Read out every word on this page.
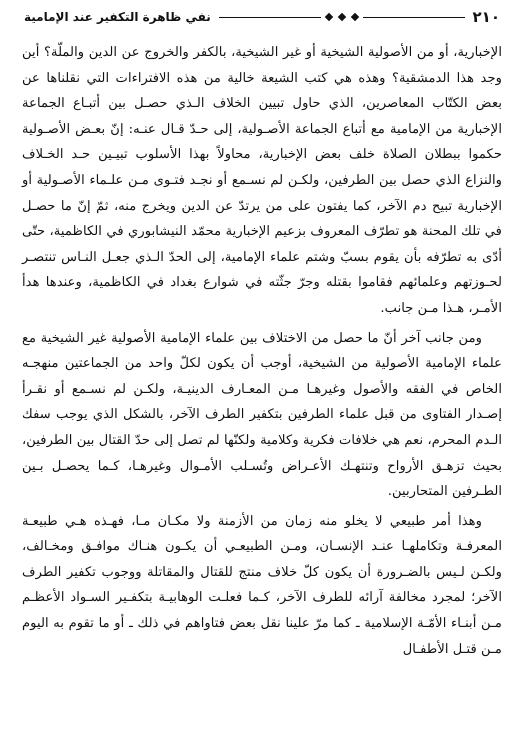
٢١٠
نفي ظاهرة التكفير عند الإمامية

الإخبارية، أو من الأصولية الشيخية أو غير الشيخية، بالكفر والخروج عن الدين والملّة؟ أين وجد هذا الدمشقية؟ وهذه هي كتب الشيعة خالية من هذه الافتراءات التي نقلناها عن بعض الكتّاب المعاصرين، الذي حاول تبيين الخلاف الـذي حصـل بين أتبـاع الجماعة الإخبارية من الإمامية مع أتباع الجماعة الأصـولية، إلى حـدّ قـال عنـه: إنّ بعـض الأصـولية حكموا ببطلان الصلاة خلف بعض الإخبارية، محاولاً بهذا الأسلوب تبيـين حـد الخـلاف والنزاع الذي حصل بين الطرفين، ولكـن لم نسـمع أو نجـد فتـوى مـن علـماء الأصـولية أو الإخبارية تبيح دم الآخر، كما يفتون على من يرتدّ عن الدين ويخرج منه، ثمّ إنّ ما حصـل في تلك المحنة هو تطرّف المعروف بزعيم الإخبارية محمّد النيشابوري في الكاظمية، حتّى أدّى به تطرّفه بأن يقوم بسبّ وشتم علماء الإمامية، إلى الحدّ الـذي جعـل النـاس تنتصـر لحـوزتهم وعلمائهم فقاموا بقتله وجرّ جثّته في شوارع بغداد في الكاظمية، وعندها هدأ الأمـر، هـذا مـن جانب.

ومن جانب آخر أنّ ما حصل من الاختلاف بين علماء الإمامية الأصولية غير الشيخية مع علماء الإمامية الأصولية من الشيخية، أوجب أن يكون لكلّ واحد من الجماعتين منهجـه الخاص في الفقه والأصول وغيرهـا مـن المعـارف الدينيـة، ولكـن لم نسـمع أو نقـرأ إصـدار الفتاوى من قبل علماء الطرفين بتكفير الطرف الآخر، بالشكل الذي يوجب سفك الـدم المحرم، نعم هي خلافات فكرية وكلامية ولكنّها لم تصل إلى حدّ القتال بين الطرفين، بحيث تزهـق الأرواح وتنتهـك الأعـراض وتُسـلب الأمـوال وغيرهـا، كـما يحصـل بـين الطـرفين المتحاربين.

وهذا أمر طبيعي لا يخلو منه زمان من الأزمنة ولا مكـان مـا، فهـذه هـي طبيعـة المعرفـة وتكاملهـا عنـد الإنسـان، ومـن الطبيعـي أن يكـون هنـاك موافـق ومخـالف، ولكـن لـيس بالضـرورة أن يكون كلّ خلاف منتج للقتال والمقاتلة ووجوب تكفير الطرف الآخر؛ لمجرد مخالفة آرائه للطرف الآخر، كـما فعلـت الوهابيـة بتكفـير السـواد الأعظـم مـن أبنـاء الأمّـة الإسلامية ـ كما مرّ علينا نقل بعض فتاواهم في ذلك ـ أو ما تقوم به اليوم مـن قتـل الأطفـال
